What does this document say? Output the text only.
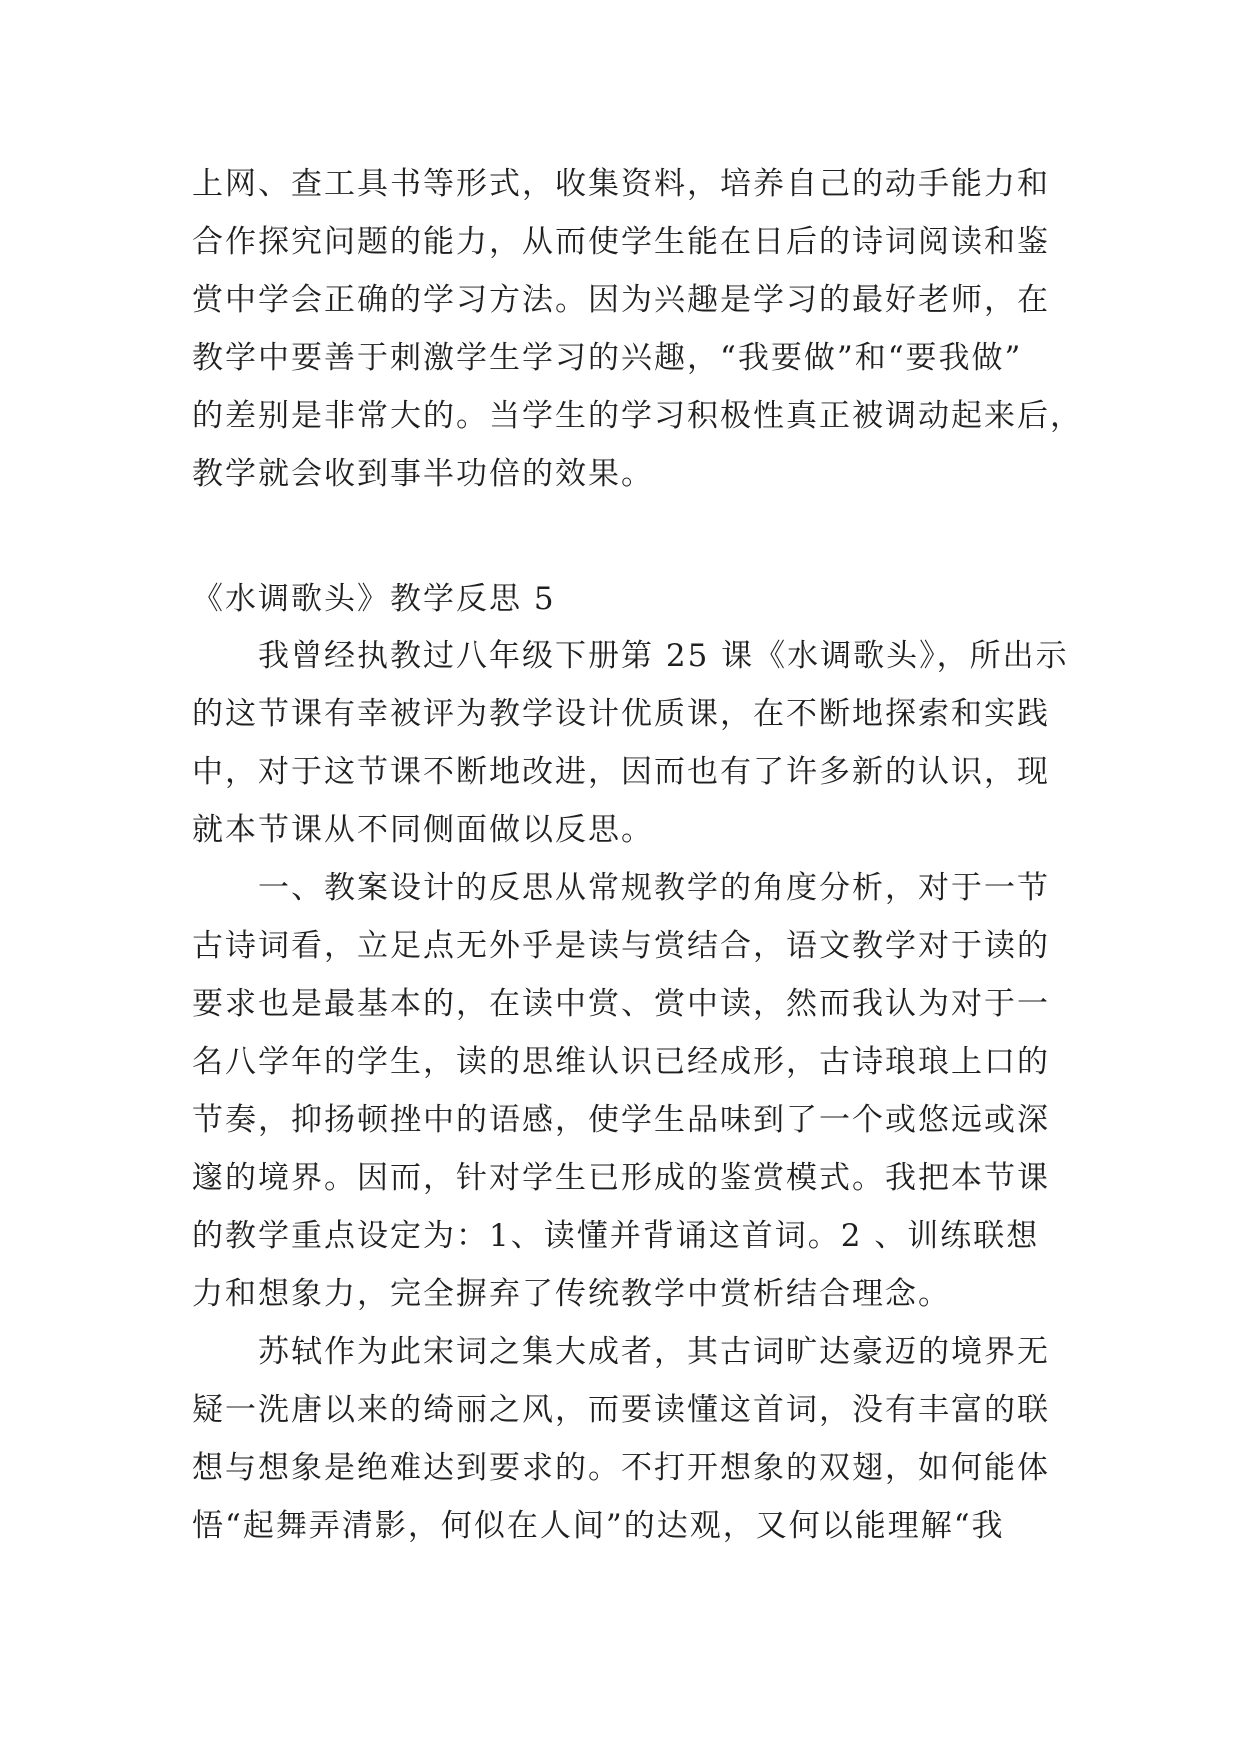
上网、查工具书等形式，收集资料，培养自己的动手能力和
合作探究问题的能力，从而使学生能在日后的诗词阅读和鉴
赏中学会正确的学习方法。因为兴趣是学习的最好老师，在
教学中要善于刺激学生学习的兴趣，“我要做”和“要我做”
的差别是非常大的。当学生的学习积极性真正被调动起来后，
教学就会收到事半功倍的效果。
《水调歌头》教学反思 5
　　我曾经执教过八年级下册第 25 课《水调歌头》，所出示
的这节课有幸被评为教学设计优质课，在不断地探索和实践
中，对于这节课不断地改进，因而也有了许多新的认识，现
就本节课从不同侧面做以反思。
　　一、教案设计的反思从常规教学的角度分析，对于一节
古诗词看，立足点无外乎是读与赏结合，语文教学对于读的
要求也是最基本的，在读中赏、赏中读，然而我认为对于一
名八学年的学生，读的思维认识已经成形，古诗琅琅上口的
节奏，抑扬顿挫中的语感，使学生品味到了一个或悠远或深
邃的境界。因而，针对学生已形成的鉴赏模式。我把本节课
的教学重点设定为：1、读懂并背诵这首词。2 、训练联想
力和想象力，完全摒弃了传统教学中赏析结合理念。
　　苏轼作为此宋词之集大成者，其古词旷达豪迈的境界无
疑一洗唐以来的绮丽之风，而要读懂这首词，没有丰富的联
想与想象是绝难达到要求的。不打开想象的双翅，如何能体
悟“起舞弄清影，何似在人间”的达观，又何以能理解“我
